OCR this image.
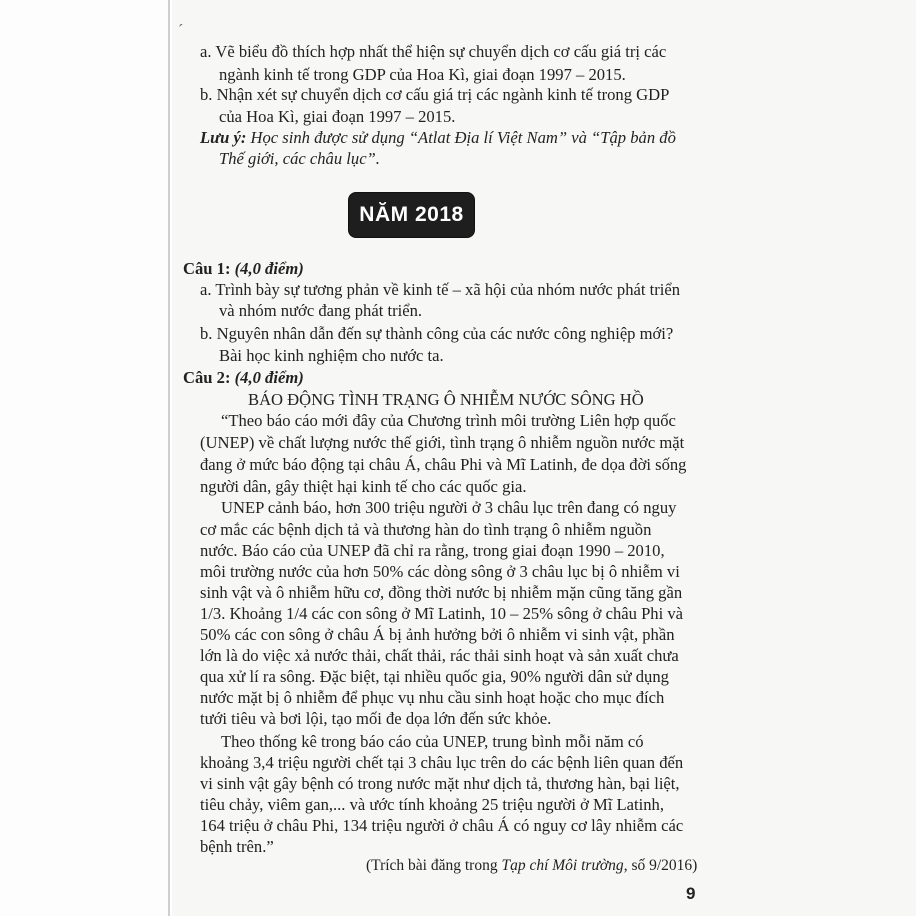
´
a. Vẽ biểu đồ thích hợp nhất thể hiện sự chuyển dịch cơ cấu giá trị các
ngành kinh tế trong GDP của Hoa Kì, giai đoạn 1997 – 2015.
b. Nhận xét sự chuyển dịch cơ cấu giá trị các ngành kinh tế trong GDP
của Hoa Kì, giai đoạn 1997 – 2015.
Lưu ý: Học sinh được sử dụng “Atlat Địa lí Việt Nam” và “Tập bản đồ
Thế giới, các châu lục”.
NĂM 2018
Câu 1: (4,0 điểm)
a. Trình bày sự tương phản về kinh tế – xã hội của nhóm nước phát triển
và nhóm nước đang phát triển.
b. Nguyên nhân dẫn đến sự thành công của các nước công nghiệp mới?
Bài học kinh nghiệm cho nước ta.
Câu 2: (4,0 điểm)
BÁO ĐỘNG TÌNH TRẠNG Ô NHIỄM NƯỚC SÔNG HỒ
“Theo báo cáo mới đây của Chương trình môi trường Liên hợp quốc
(UNEP) về chất lượng nước thế giới, tình trạng ô nhiễm nguồn nước mặt
đang ở mức báo động tại châu Á, châu Phi và Mĩ Latinh, đe dọa đời sống
người dân, gây thiệt hại kinh tế cho các quốc gia.
UNEP cảnh báo, hơn 300 triệu người ở 3 châu lục trên đang có nguy
cơ mắc các bệnh dịch tả và thương hàn do tình trạng ô nhiễm nguồn
nước. Báo cáo của UNEP đã chỉ ra rằng, trong giai đoạn 1990 – 2010,
môi trường nước của hơn 50% các dòng sông ở 3 châu lục bị ô nhiễm vi
sinh vật và ô nhiễm hữu cơ, đồng thời nước bị nhiễm mặn cũng tăng gần
1/3. Khoảng 1/4 các con sông ở Mĩ Latinh, 10 – 25% sông ở châu Phi và
50% các con sông ở châu Á bị ảnh hưởng bởi ô nhiễm vi sinh vật, phần
lớn là do việc xả nước thải, chất thải, rác thải sinh hoạt và sản xuất chưa
qua xử lí ra sông. Đặc biệt, tại nhiều quốc gia, 90% người dân sử dụng
nước mặt bị ô nhiễm để phục vụ nhu cầu sinh hoạt hoặc cho mục đích
tưới tiêu và bơi lội, tạo mối đe dọa lớn đến sức khỏe.
Theo thống kê trong báo cáo của UNEP, trung bình mỗi năm có
khoảng 3,4 triệu người chết tại 3 châu lục trên do các bệnh liên quan đến
vi sinh vật gây bệnh có trong nước mặt như dịch tả, thương hàn, bại liệt,
tiêu chảy, viêm gan,... và ước tính khoảng 25 triệu người ở Mĩ Latinh,
164 triệu ở châu Phi, 134 triệu người ở châu Á có nguy cơ lây nhiễm các
bệnh trên.”
(Trích bài đăng trong Tạp chí Môi trường, số 9/2016)
9
